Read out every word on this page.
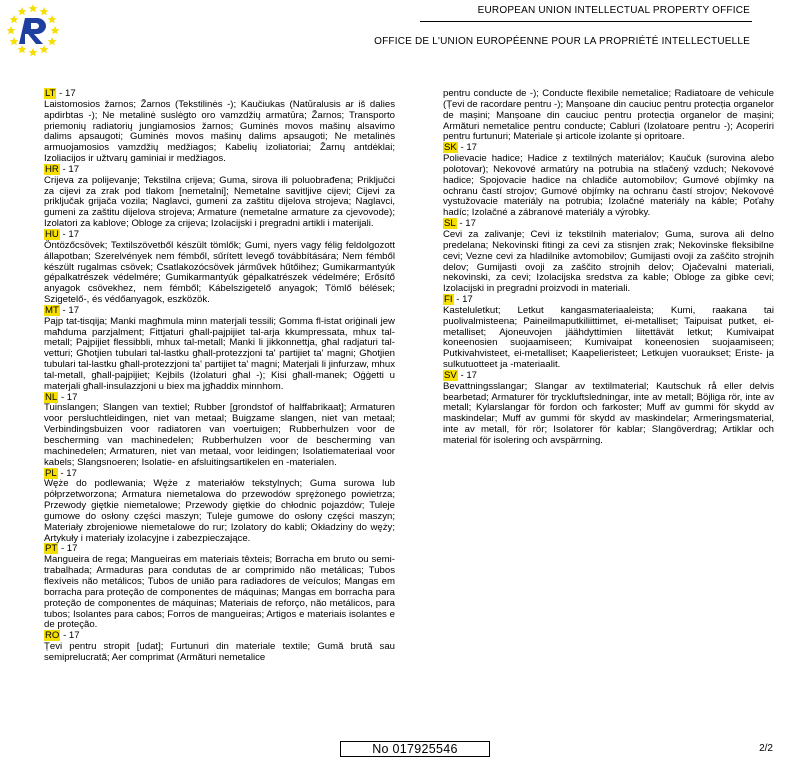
EUROPEAN UNION INTELLECTUAL PROPERTY OFFICE
OFFICE DE L'UNION EUROPÉENNE POUR LA PROPRIÉTÉ INTELLECTUELLE
LT - 17
Laistomosios žarnos; Žarnos (Tekstilinės -); Kaučiukas (Natūralusis ar iš dalies apdirbtas -); Ne metalinė suslėgto oro vamzdžių armatūra; Žarnos; Transporto priemonių radiatorių jungiamosios žarnos; Guminės movos mašinų alsavimo dalims apsaugoti; Guminės movos mašinų dalims apsaugoti; Ne metalinės armuojamosios vamzdžių medžiagos; Kabelių izoliatoriai; Žarnų antdėklai; Izoliacijos ir užtvarų gaminiai ir medžiagos.
HR - 17
Crijeva za polijevanje; Tekstilna crijeva; Guma, sirova ili poluobrađena; Priključci za cijevi za zrak pod tlakom [nemetalni]; Nemetalne savitljive cijevi; Cijevi za priključak grijača vozila; Naglavci, gumeni za zaštitu dijelova strojeva; Naglavci, gumeni za zaštitu dijelova strojeva; Armature (nemetalne armature za cjevovode); Izolatori za kablove; Obloge za crijeva; Izolacijski i pregradni artikli i materijali.
HU - 17
Öntözőcsövek; Textilszövetből készült tömlők; Gumi, nyers vagy félig feldolgozott állapotban; Szerelvények nem fémből, sűrített levegő továbbítására; Nem fémből készült rugalmas csövek; Csatlakozócsövek járművek hűtőihez; Gumikarmantyúk gépalkatrészek védelmére; Gumikarmantyúk gépalkatrészek védelmére; Erősítő anyagok csövekhez, nem fémből; Kábelszigetelő anyagok; Tömlő bélések; Szigetelő-, és védőanyagok, eszközök.
MT - 17
Pajp tat-tisqija; Manki magħmula minn materjali tessili; Gomma fl-istat oriġinali jew maħduma parzjalment; Fittjaturi għall-pajpijiet tal-arja kkumpressata, mhux tal-metall; Pajpijiet flessibbli, mhux tal-metall; Manki li jikkonnettja, għal radjaturi tal-vetturi; Għotjien tubulari tal-lastku għall-protezzjoni ta' partijiet ta' magni; Għotjien tubulari tal-lastku għall-protezzjoni ta' partijiet ta' magni; Materjali li jinfurzaw, mhux tal-metall, għall-pajpijiet; Kejbils (Iżolaturi għal -); Kisi għall-manek; Oġġetti u materjali għall-insulazzjoni u biex ma jgħaddix minnhom.
NL - 17
Tuinslangen; Slangen van textiel; Rubber [grondstof of halffabrikaat]; Armaturen voor persluchtleidingen, niet van metaal; Buigzame slangen, niet van metaal; Verbindingsbuizen voor radiatoren van voertuigen; Rubberhulzen voor de bescherming van machinedelen; Rubberhulzen voor de bescherming van machinedelen; Armaturen, niet van metaal, voor leidingen; Isolatiemateriaal voor kabels; Slangsnoeren; Isolatie- en afsluitingsartikelen en -materialen.
PL - 17
Węże do podlewania; Węże z materiałów tekstylnych; Guma surowa lub półprzetworzona; Armatura niemetalowa do przewodów sprężonego powietrza; Przewody giętkie niemetalowe; Przewody giętkie do chłodnic pojazdów; Tuleje gumowe do osłony części maszyn; Tuleje gumowe do osłony części maszyn; Materiały zbrojeniowe niemetalowe do rur; Izolatory do kabli; Okładziny do węży; Artykuły i materiały izolacyjne i zabezpieczające.
PT - 17
Mangueira de rega; Mangueiras em materiais têxteis; Borracha em bruto ou semi-trabalhada; Armaduras para condutas de ar comprimido não metálicas; Tubos flexíveis não metálicos; Tubos de união para radiadores de veículos; Mangas em borracha para proteção de componentes de máquinas; Mangas em borracha para proteção de componentes de máquinas; Materiais de reforço, não metálicos, para tubos; Isolantes para cabos; Forros de mangueiras; Artigos e materiais isolantes e de proteção.
RO - 17
Țevi pentru stropit [udat]; Furtunuri din materiale textile; Gumă brută sau semiprelucrată; Aer comprimat (Armături nemetalice
pentru conducte de -); Conducte flexibile nemetalice; Radiatoare de vehicule (Țevi de racordare pentru -); Manșoane din cauciuc pentru protecția organelor de mașini; Manșoane din cauciuc pentru protecția organelor de mașini; Armături nemetalice pentru conducte; Cabluri (Izolatoare pentru -); Acoperiri pentru furtunuri; Materiale și articole izolante și opritoare.
SK - 17
Polievacie hadice; Hadice z textilných materiálov; Kaučuk (surovina alebo polotovar); Nekovové armatúry na potrubia na stlačený vzduch; Nekovové hadice; Spojovacie hadice na chladiče automobilov; Gumové objímky na ochranu častí strojov; Gumové objímky na ochranu častí strojov; Nekovové vystužovacie materiály na potrubia; Izolačné materiály na káble; Poťahy hadíc; Izolačné a zábranové materiály a výrobky.
SL - 17
Cevi za zalivanje; Cevi iz tekstilnih materialov; Guma, surova ali delno predelana; Nekovinski fitingi za cevi za stisnjen zrak; Nekovinske fleksibilne cevi; Vezne cevi za hladilnike avtomobilov; Gumijasti ovoji za zaščito strojnih delov; Gumijasti ovoji za zaščito strojnih delov; Ojačevalni materiali, nekovinski, za cevi; Izolacijska sredstva za kable; Obloge za gibke cevi; Izolacijski in pregradni proizvodi in materiali.
FI - 17
Kasteluletkut; Letkut kangasmateriaaleista; Kumi, raakana tai puolivalmisteena; Paineilmaputkiliittimet, ei-metalliset; Taipuisat putket, ei-metalliset; Ajoneuvojen jäähdyttimien liitettävät letkut; Kumivaipat koneenosien suojaamiseen; Kumivaipat koneenosien suojaamiseen; Putkivahvisteet, ei-metalliset; Kaapelieristeet; Letkujen vuoraukset; Eriste- ja sulkutuotteet ja -materiaalit.
SV - 17
Bevattningsslangar; Slangar av textilmaterial; Kautschuk rå eller delvis bearbetad; Armaturer för tryckluftsledningar, inte av metall; Böjliga rör, inte av metall; Kylarslangar för fordon och farkoster; Muff av gummi för skydd av maskindelar; Muff av gummi för skydd av maskindelar; Armeringsmaterial, inte av metall, för rör; Isolatorer för kablar; Slangöverdrag; Artiklar och material för isolering och avspärrning.
No 017925546	2/2
